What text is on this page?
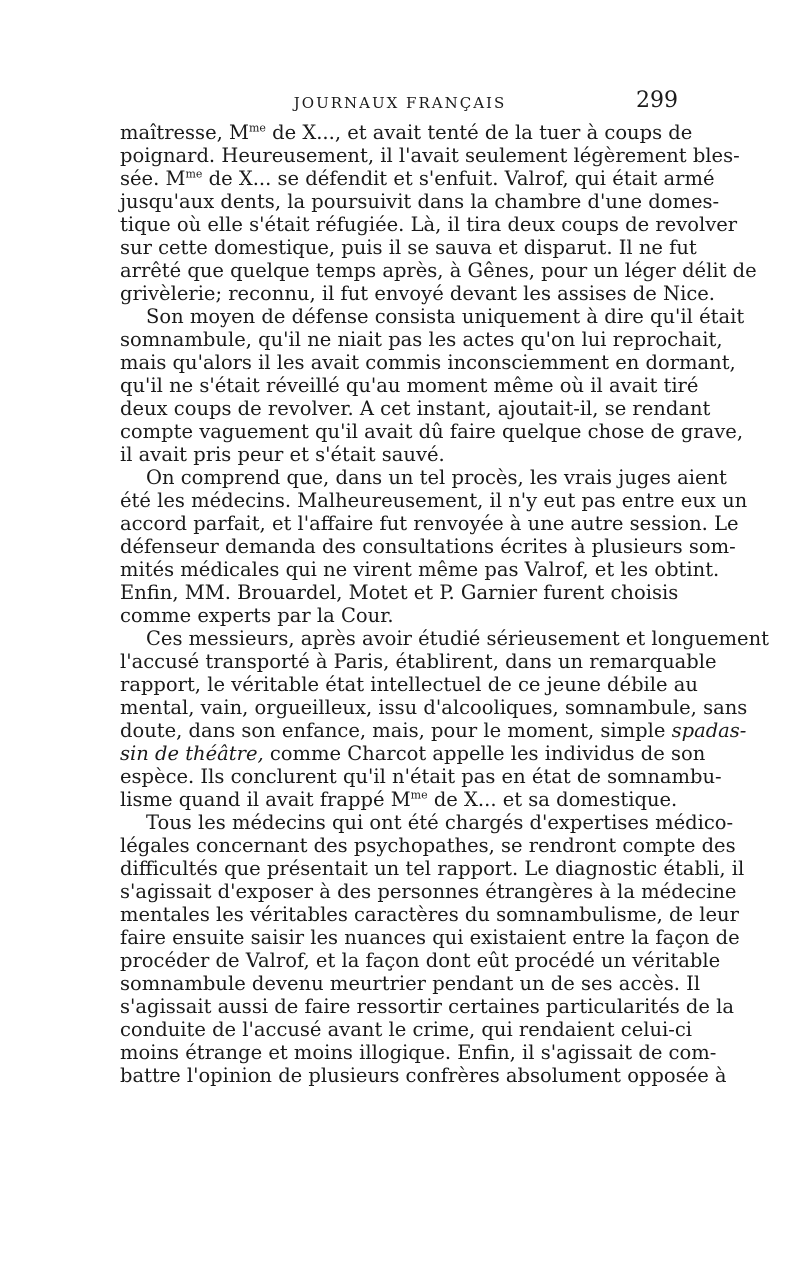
JOURNAUX FRANÇAIS	299
maîtresse, $M^{me}$ de X..., et avait tenté de la tuer à coups de
poignard. Heureusement, il l'avait seulement légèrement bles-
sée. $M^{me}$ de X... se défendit et s'enfuit. Valrof, qui était armé
jusqu'aux dents, la poursuivit dans la chambre d'une domes-
tique où elle s'était réfugiée. Là, il tira deux coups de revolver
sur cette domestique, puis il se sauva et disparut. Il ne fut
arrêté que quelque temps après, à Gênes, pour un léger délit de
grivèlerie; reconnu, il fut envoyé devant les assises de Nice.
Son moyen de défense consista uniquement à dire qu'il était
somnambule, qu'il ne niait pas les actes qu'on lui reprochait,
mais qu'alors il les avait commis inconsciemment en dormant,
qu'il ne s'était réveillé qu'au moment même où il avait tiré
deux coups de revolver. A cet instant, ajoutait-il, se rendant
compte vaguement qu'il avait dû faire quelque chose de grave,
il avait pris peur et s'était sauvé.
On comprend que, dans un tel procès, les vrais juges aient
été les médecins. Malheureusement, il n'y eut pas entre eux un
accord parfait, et l'affaire fut renvoyée à une autre session. Le
défenseur demanda des consultations écrites à plusieurs som-
mités médicales qui ne virent même pas Valrof, et les obtint.
Enfin, MM. Brouardel, Motet et P. Garnier furent choisis
comme experts par la Cour.
Ces messieurs, après avoir étudié sérieusement et longuement
l'accusé transporté à Paris, établirent, dans un remarquable
rapport, le véritable état intellectuel de ce jeune débile au
mental, vain, orgueilleux, issu d'alcooliques, somnambule, sans
doute, dans son enfance, mais, pour le moment, simple spadas-
sin de théâtre, comme Charcot appelle les individus de son
espèce. Ils conclurent qu'il n'était pas en état de somnambu-
lisme quand il avait frappé $M^{me}$ de X... et sa domestique.
Tous les médecins qui ont été chargés d'expertises médico-
légales concernant des psychopathes, se rendront compte des
difficultés que présentait un tel rapport. Le diagnostic établi, il
s'agissait d'exposer à des personnes étrangères à la médecine
mentales les véritables caractères du somnambulisme, de leur
faire ensuite saisir les nuances qui existaient entre la façon de
procéder de Valrof, et la façon dont eût procédé un véritable
somnambule devenu meurtrier pendant un de ses accès. Il
s'agissait aussi de faire ressortir certaines particularités de la
conduite de l'accusé avant le crime, qui rendaient celui-ci
moins étrange et moins illogique. Enfin, il s'agissait de com-
battre l'opinion de plusieurs confrères absolument opposée à
